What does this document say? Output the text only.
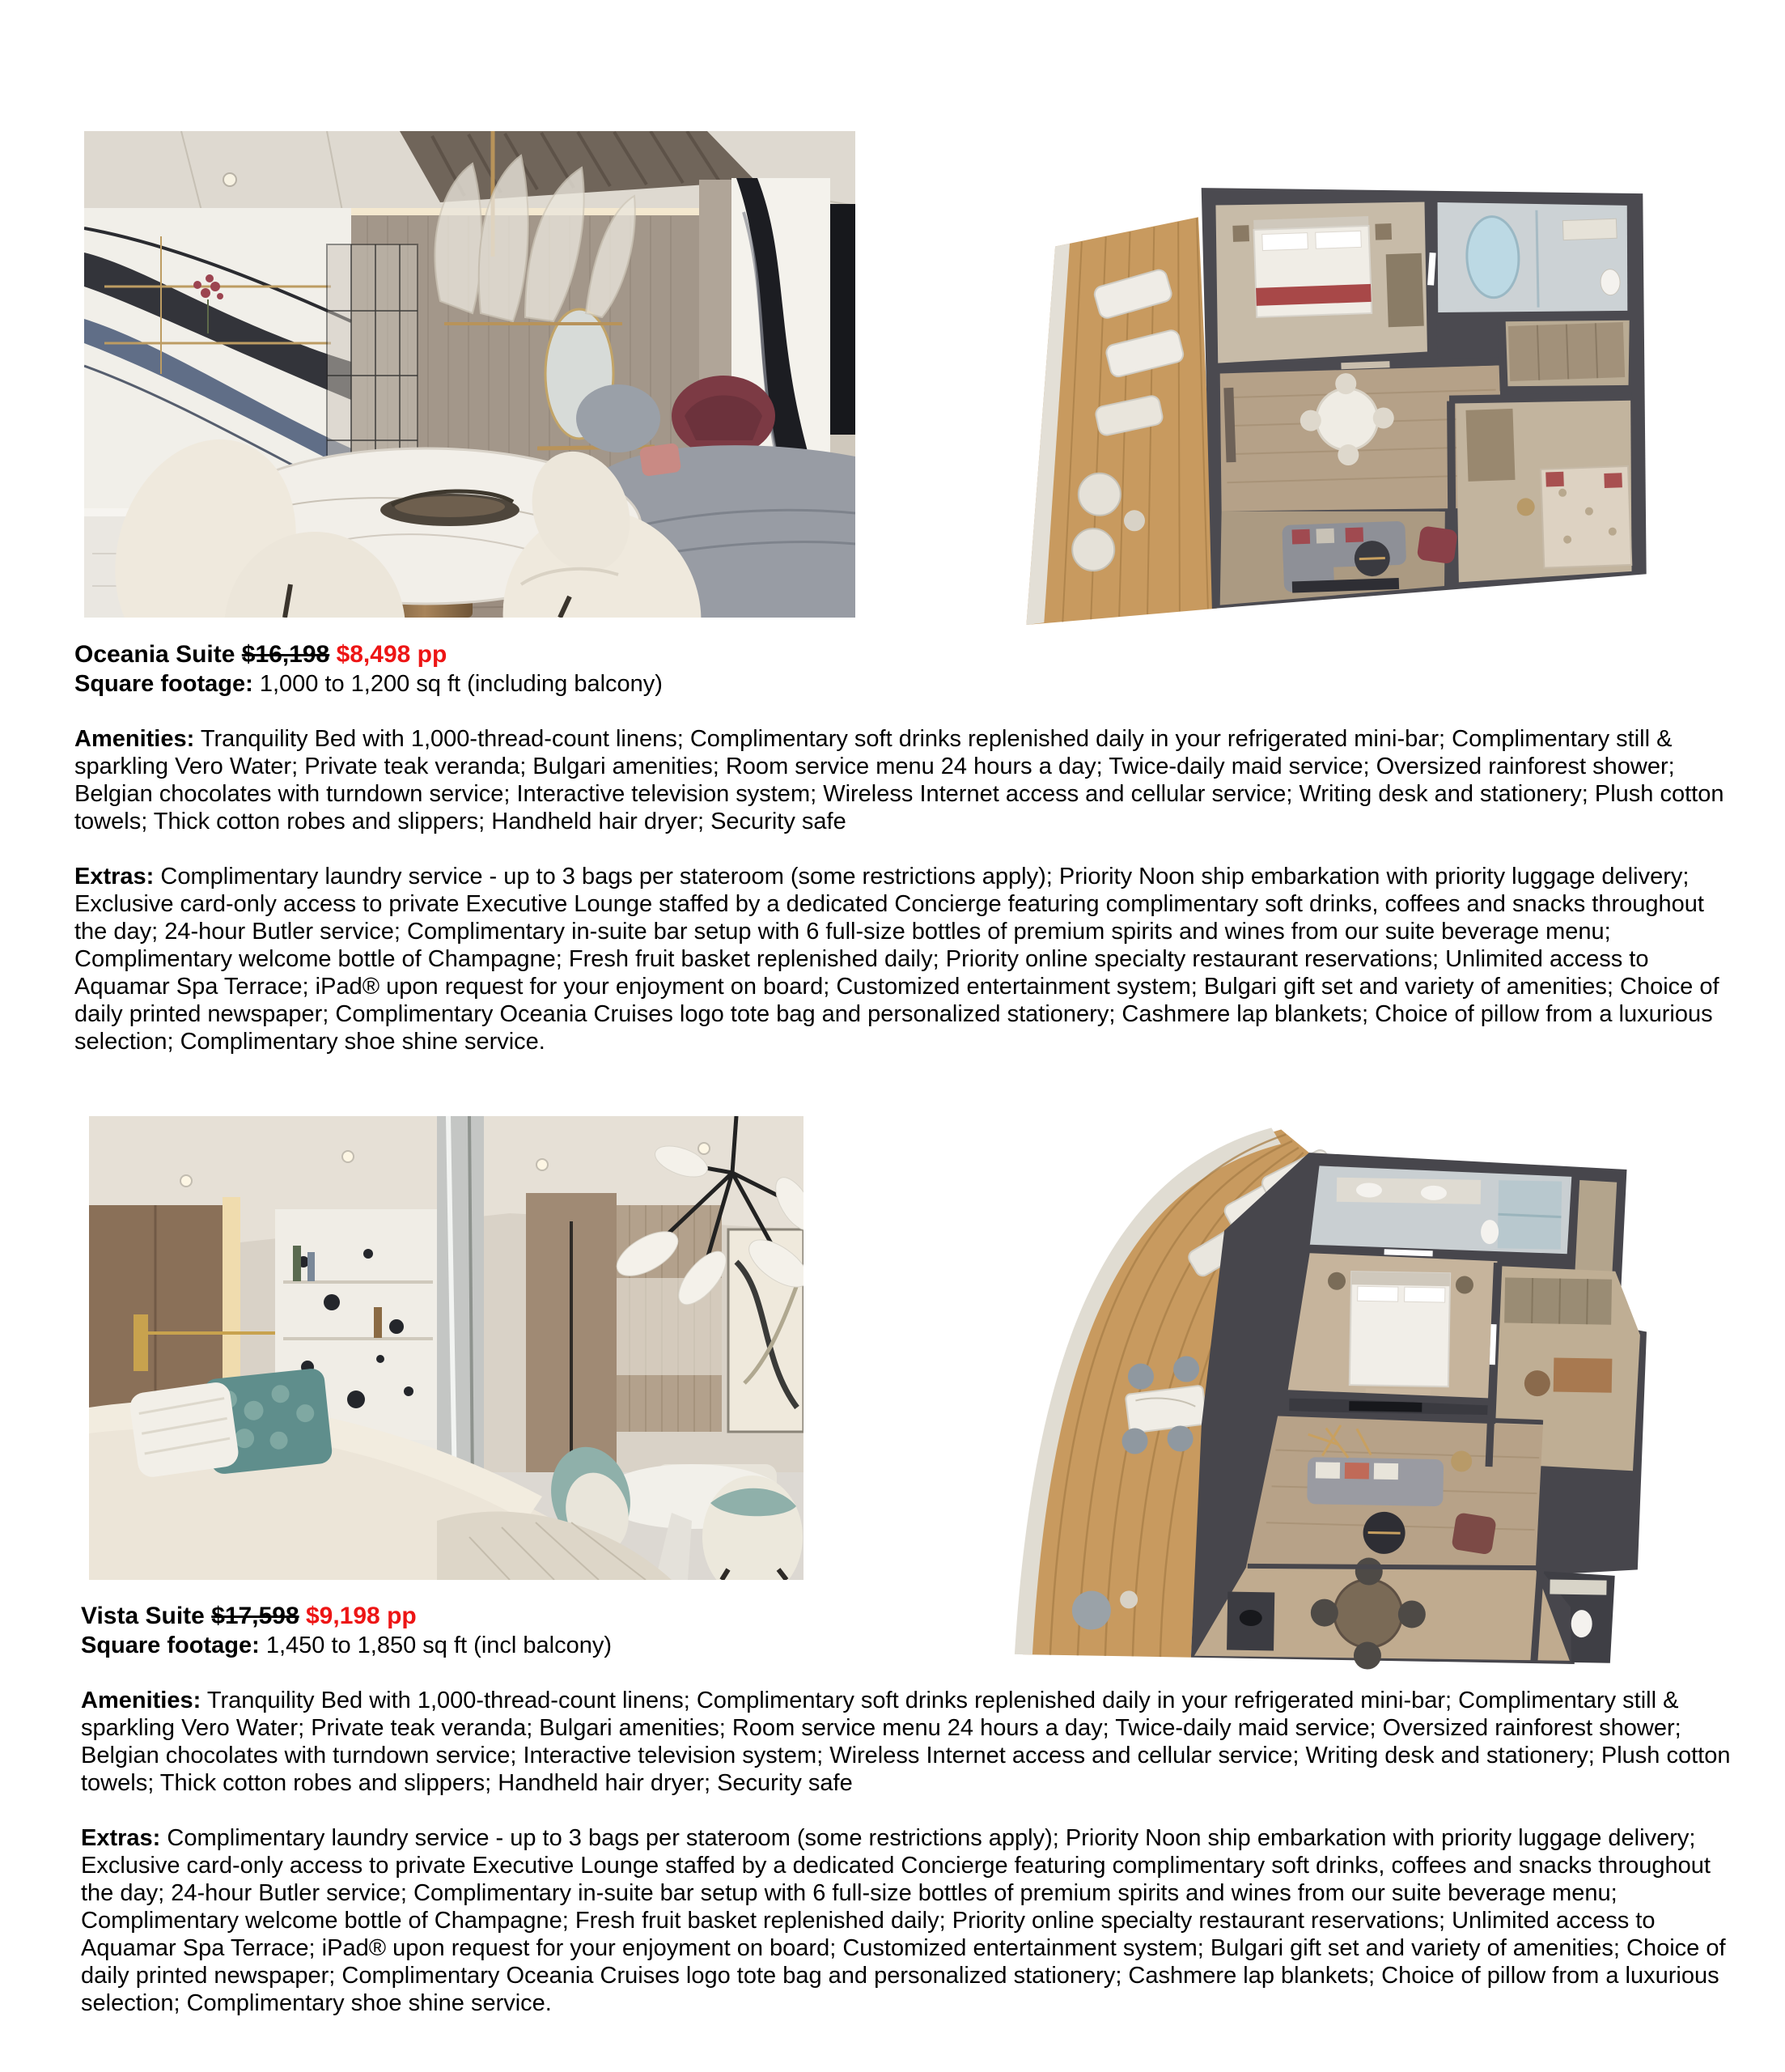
Oceania Suite $16,198 $8,498 pp

Square footage: 1,000 to 1,200 sq ft (including balcony)

Amenities: Tranquility Bed with 1,000-thread-count linens; Complimentary soft drinks replenished daily in your refrigerated mini-bar; Complimentary still & sparkling Vero Water; Private teak veranda; Bulgari amenities; Room service menu 24 hours a day; Twice-daily maid service; Oversized rainforest shower; Belgian chocolates with turndown service; Interactive television system; Wireless Internet access and cellular service; Writing desk and stationery; Plush cotton towels; Thick cotton robes and slippers; Handheld hair dryer; Security safe

Extras: Complimentary laundry service - up to 3 bags per stateroom (some restrictions apply); Priority Noon ship embarkation with priority luggage delivery; Exclusive card-only access to private Executive Lounge staffed by a dedicated Concierge featuring complimentary soft drinks, coffees and snacks throughout the day; 24-hour Butler service; Complimentary in-suite bar setup with 6 full-size bottles of premium spirits and wines from our suite beverage menu; Complimentary welcome bottle of Champagne; Fresh fruit basket replenished daily; Priority online specialty restaurant reservations; Unlimited access to Aquamar Spa Terrace; iPad® upon request for your enjoyment on board; Customized entertainment system; Bulgari gift set and variety of amenities; Choice of daily printed newspaper; Complimentary Oceania Cruises logo tote bag and personalized stationery; Cashmere lap blankets; Choice of pillow from a luxurious selection; Complimentary shoe shine service.

Vista Suite $17,598 $9,198 pp

Square footage: 1,450 to 1,850 sq ft (incl balcony)

Amenities: Tranquility Bed with 1,000-thread-count linens; Complimentary soft drinks replenished daily in your refrigerated mini-bar; Complimentary still & sparkling Vero Water; Private teak veranda; Bulgari amenities; Room service menu 24 hours a day; Twice-daily maid service; Oversized rainforest shower; Belgian chocolates with turndown service; Interactive television system; Wireless Internet access and cellular service; Writing desk and stationery; Plush cotton towels; Thick cotton robes and slippers; Handheld hair dryer; Security safe

Extras: Complimentary laundry service - up to 3 bags per stateroom (some restrictions apply); Priority Noon ship embarkation with priority luggage delivery; Exclusive card-only access to private Executive Lounge staffed by a dedicated Concierge featuring complimentary soft drinks, coffees and snacks throughout the day; 24-hour Butler service; Complimentary in-suite bar setup with 6 full-size bottles of premium spirits and wines from our suite beverage menu; Complimentary welcome bottle of Champagne; Fresh fruit basket replenished daily; Priority online specialty restaurant reservations; Unlimited access to Aquamar Spa Terrace; iPad® upon request for your enjoyment on board; Customized entertainment system; Bulgari gift set and variety of amenities; Choice of daily printed newspaper; Complimentary Oceania Cruises logo tote bag and personalized stationery; Cashmere lap blankets; Choice of pillow from a luxurious selection; Complimentary shoe shine service.
